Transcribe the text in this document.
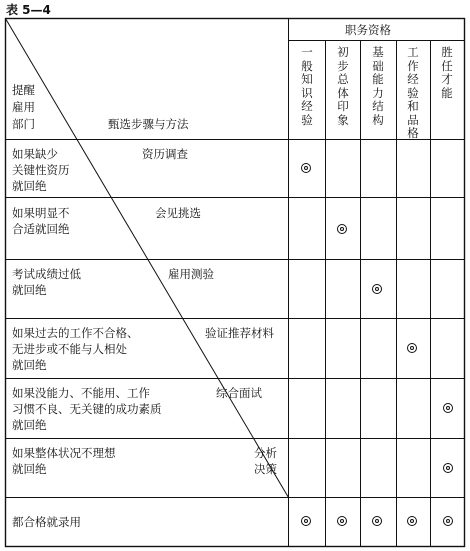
表 5—4
职务资格
提醒
雇用
部门	甄选步骤与方法
一般知识经验
初步总体印象
基础能力结构
工作经验和品格
胜任才能
如果缺少
关键性资历
就回绝
资历调查
如果明显不
合适就回绝
会见挑选
考试成绩过低
就回绝
雇用测验
如果过去的工作不合格、
无进步或不能与人相处
就回绝
验证推荐材料
如果没能力、不能用、工作
习惯不良、无关键的成功素质
就回绝
综合面试
如果整体状况不理想
就回绝
分析
决策
都合格就录用
